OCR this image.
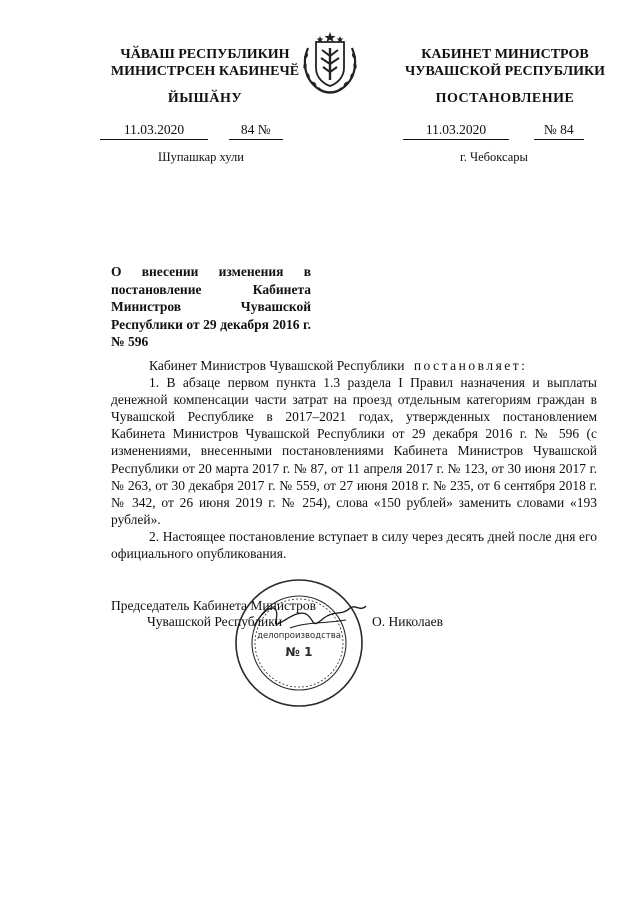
ЧӐВАШ РЕСПУБЛИКИН
МИНИСТРСЕН КАБИНЕЧӖ
КАБИНЕТ МИНИСТРОВ
ЧУВАШСКОЙ РЕСПУБЛИКИ
ЙЫШӐНУ	ПОСТАНОВЛЕНИЕ
11.03.2020	84 №	11.03.2020	№ 84
Шупашкар хули	г. Чебоксары
О внесении изменения в постановление Кабинета Министров Чувашской Республики от 29 декабря 2016 г. № 596

Кабинет Министров Чувашской Республики постановляет:

1. В абзаце первом пункта 1.3 раздела I Правил назначения и выплаты денежной компенсации части затрат на проезд отдельным категориям граждан в Чувашской Республике в 2017–2021 годах, утвержденных постановлением Кабинета Министров Чувашской Республики от 29 декабря 2016 г. № 596 (с изменениями, внесенными постановлениями Кабинета Министров Чувашской Республики от 20 марта 2017 г. № 87, от 11 апреля 2017 г. № 123, от 30 июня 2017 г. № 263, от 30 декабря 2017 г. № 559, от 27 июня 2018 г. № 235, от 6 сентября 2018 г. № 342, от 26 июня 2019 г. № 254), слова «150 рублей» заменить словами «193 рублей».

2. Настоящее постановление вступает в силу через десять дней после дня его официального опубликования.

Председатель Кабинета Министров
Чувашской Республики	О. Николаев
делопроизводства
№ 1
